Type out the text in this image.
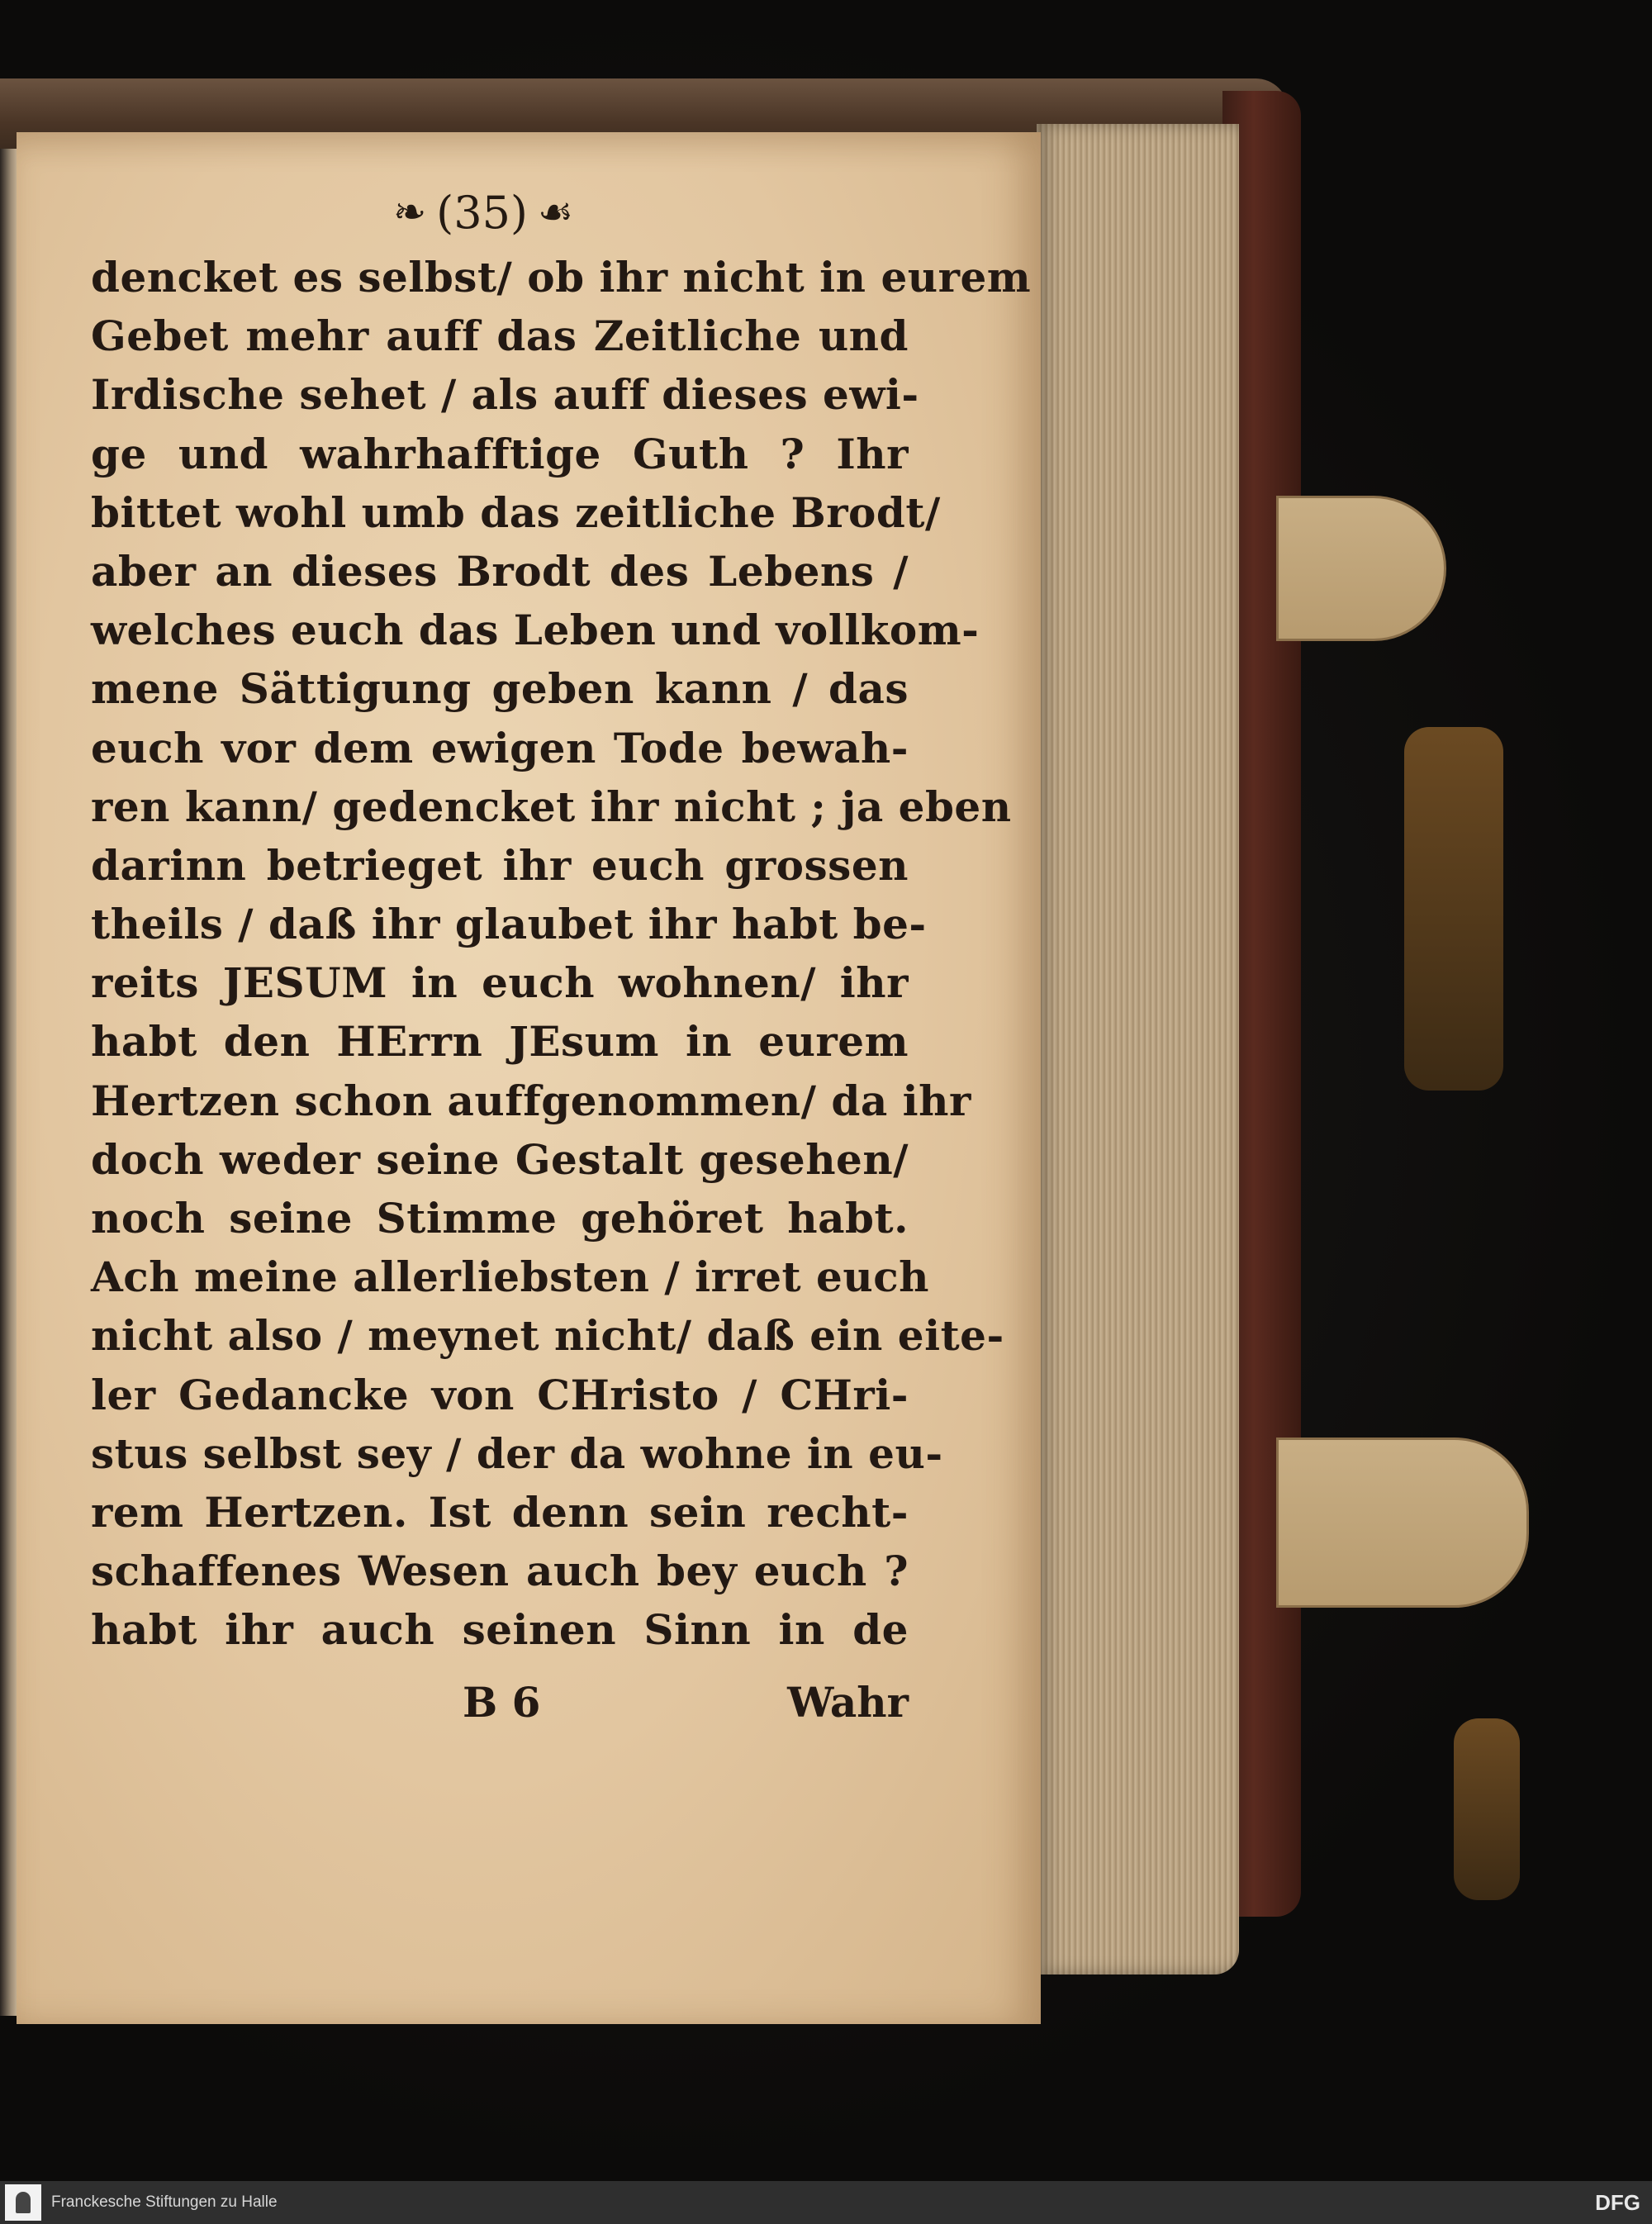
❧ (35) ☙
dencket es selbst/ ob ihr nicht in eurem
Gebet mehr auff das Zeitliche und
Irdische sehet / als auff dieses ewi-
ge und wahrhafftige Guth ? Ihr
bittet wohl umb das zeitliche Brodt/
aber an dieses Brodt des Lebens /
welches euch das Leben und vollkom-
mene Sättigung geben kann / das
euch vor dem ewigen Tode bewah-
ren kann/ gedencket ihr nicht ; ja eben
darinn betrieget ihr euch grossen
theils / daß ihr glaubet ihr habt be-
reits JESUM in euch wohnen/ ihr
habt den HErrn JEsum in eurem
Hertzen schon auffgenommen/ da ihr
doch weder seine Gestalt gesehen/
noch seine Stimme gehöret habt.
Ach meine allerliebsten / irret euch
nicht also / meynet nicht/ daß ein eite-
ler Gedancke von CHristo / CHri-
stus selbst sey / der da wohne in eu-
rem Hertzen. Ist denn sein recht-
schaffenes Wesen auch bey euch ?
habt ihr auch seinen Sinn in de
B 6	Wahr
Franckesche Stiftungen zu Halle	DFG
